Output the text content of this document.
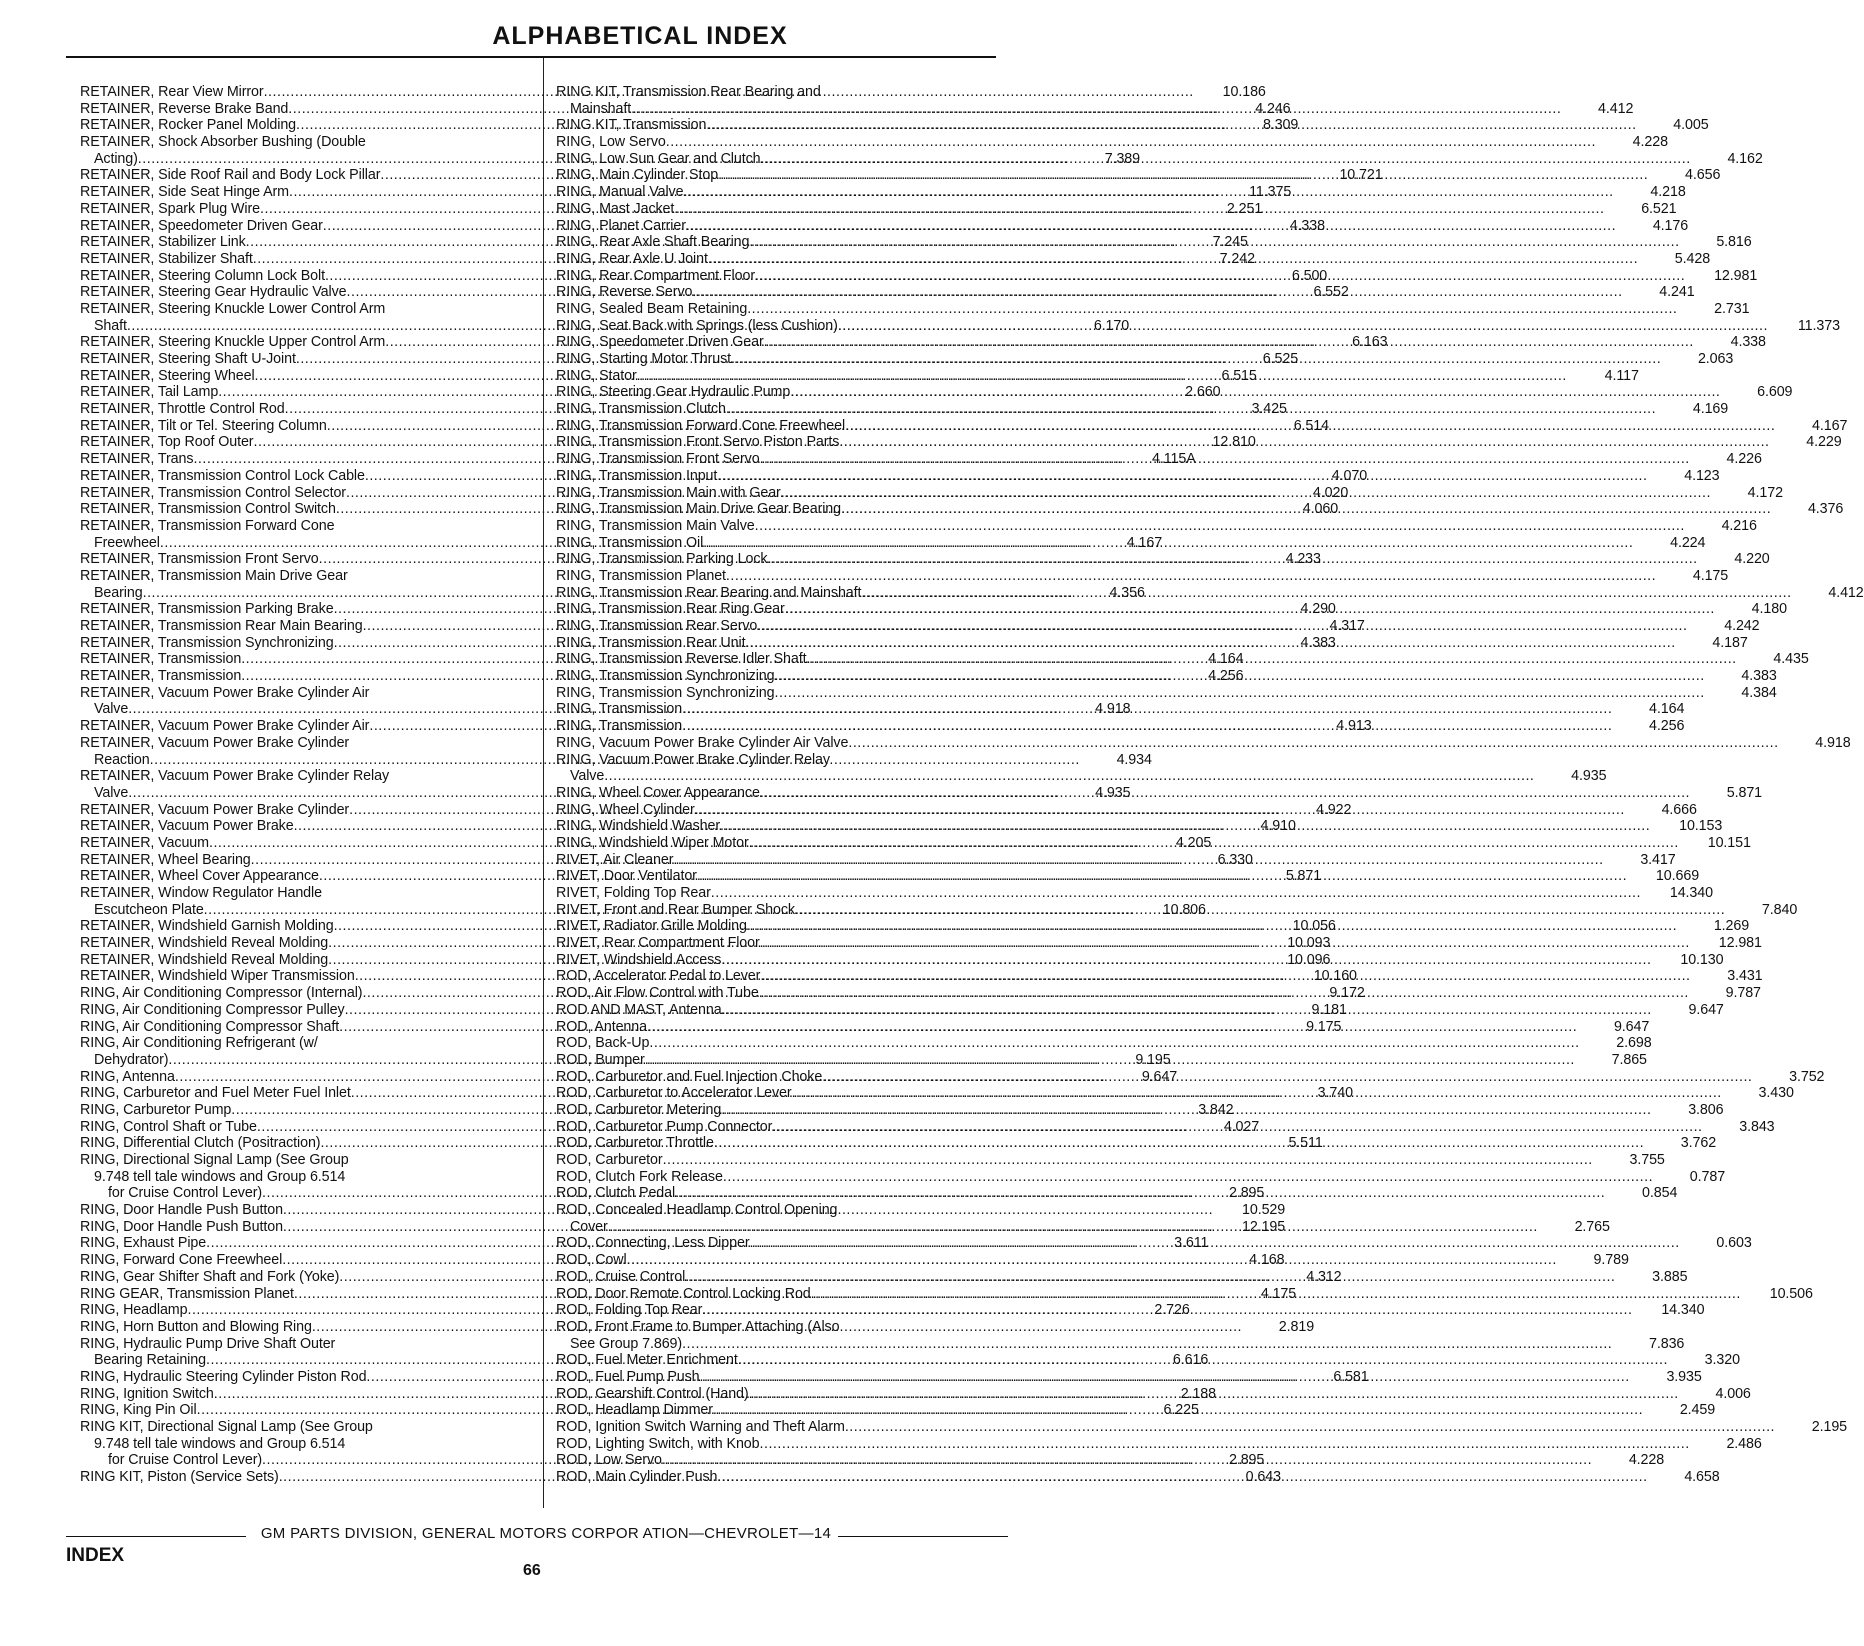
ALPHABETICAL INDEX
RETAINER, Rear View Mirror .....	10.186
RETAINER, Reverse Brake Band .....	4.246
RETAINER, Rocker Panel Molding .....	8.309
RETAINER, Shock Absorber Bushing (Double
Acting) .....	7.389
RETAINER, Side Roof Rail and Body Lock Pillar .....	10.721
RETAINER, Side Seat Hinge Arm .....	11.375
RETAINER, Spark Plug Wire .....	2.251
RETAINER, Speedometer Driven Gear .....	4.338
RETAINER, Stabilizer Link .....	7.245
RETAINER, Stabilizer Shaft .....	7.242
RETAINER, Steering Column Lock Bolt .....	6.500
RETAINER, Steering Gear Hydraulic Valve .....	6.552
RETAINER, Steering Knuckle Lower Control Arm
Shaft .....	6.170
RETAINER, Steering Knuckle Upper Control Arm .....	6.163
RETAINER, Steering Shaft U-Joint .....	6.525
RETAINER, Steering Wheel .....	6.515
RETAINER, Tail Lamp .....	2.660
RETAINER, Throttle Control Rod .....	3.425
RETAINER, Tilt or Tel. Steering Column .....	6.514
RETAINER, Top Roof Outer .....	12.810
RETAINER, Trans .....	4.115A
RETAINER, Transmission Control Lock Cable .....	4.070
RETAINER, Transmission Control Selector .....	4.020
RETAINER, Transmission Control Switch .....	4.060
RETAINER, Transmission Forward Cone
Freewheel .....	4.167
RETAINER, Transmission Front Servo .....	4.233
RETAINER, Transmission Main Drive Gear
Bearing .....	4.356
RETAINER, Transmission Parking Brake .....	4.290
RETAINER, Transmission Rear Main Bearing .....	4.317
RETAINER, Transmission Synchronizing .....	4.383
RETAINER, Transmission .....	4.164
RETAINER, Transmission .....	4.256
RETAINER, Vacuum Power Brake Cylinder Air
Valve .....	4.918
RETAINER, Vacuum Power Brake Cylinder Air .....	4.913
RETAINER, Vacuum Power Brake Cylinder
Reaction .....	4.934
RETAINER, Vacuum Power Brake Cylinder Relay
Valve .....	4.935
RETAINER, Vacuum Power Brake Cylinder .....	4.922
RETAINER, Vacuum Power Brake .....	4.910
RETAINER, Vacuum .....	4.205
RETAINER, Wheel Bearing .....	6.330
RETAINER, Wheel Cover Appearance .....	5.871
RETAINER, Window Regulator Handle
Escutcheon Plate .....	10.806
RETAINER, Windshield Garnish Molding .....	10.056
RETAINER, Windshield Reveal Molding .....	10.093
RETAINER, Windshield Reveal Molding .....	10.096
RETAINER, Windshield Wiper Transmission .....	10.160
RING, Air Conditioning Compressor (Internal) .....	9.172
RING, Air Conditioning Compressor Pulley .....	9.181
RING, Air Conditioning Compressor Shaft .....	9.175
RING, Air Conditioning Refrigerant (w/
Dehydrator) .....	9.195
RING, Antenna .....	9.647
RING, Carburetor and Fuel Meter Fuel Inlet .....	3.740
RING, Carburetor Pump .....	3.842
RING, Control Shaft or Tube .....	4.027
RING, Differential Clutch (Positraction) .....	5.511
RING, Directional Signal Lamp (See Group
9.748 tell tale windows and Group 6.514
for Cruise Control Lever) .....	2.895
RING, Door Handle Push Button .....	10.529
RING, Door Handle Push Button .....	12.195
RING, Exhaust Pipe .....	3.611
RING, Forward Cone Freewheel .....	4.168
RING, Gear Shifter Shaft and Fork (Yoke) .....	4.312
RING GEAR, Transmission Planet .....	4.175
RING, Headlamp .....	2.726
RING, Horn Button and Blowing Ring .....	2.819
RING, Hydraulic Pump Drive Shaft Outer
Bearing Retaining .....	6.616
RING, Hydraulic Steering Cylinder Piston Rod .....	6.581
RING, Ignition Switch .....	2.188
RING, King Pin Oil .....	6.225
RING KIT, Directional Signal Lamp (See Group
9.748 tell tale windows and Group 6.514
for Cruise Control Lever) .....	2.895
RING KIT, Piston (Service Sets) .....	0.643
RING KIT, Transmission Rear Bearing and
Mainshaft .....	4.412
RING KIT, Transmission .....	4.005
RING, Low Servo .....	4.228
RING, Low Sun Gear and Clutch .....	4.162
RING, Main Cylinder Stop .....	4.656
RING, Manual Valve .....	4.218
RING, Mast Jacket .....	6.521
RING, Planet Carrier .....	4.176
RING, Rear Axle Shaft Bearing .....	5.816
RING, Rear Axle U Joint .....	5.428
RING, Rear Compartment Floor .....	12.981
RING, Reverse Servo .....	4.241
RING, Sealed Beam Retaining .....	2.731
RING, Seat Back with Springs (less Cushion) .....	11.373
RING, Speedometer Driven Gear .....	4.338
RING, Starting Motor Thrust .....	2.063
RING, Stator .....	4.117
RING, Steering Gear Hydraulic Pump .....	6.609
RING, Transmission Clutch .....	4.169
RING, Transmission Forward Cone Freewheel .....	4.167
RING, Transmission Front Servo Piston Parts .....	4.229
RING, Transmission Front Servo .....	4.226
RING, Transmission Input .....	4.123
RING, Transmission Main with Gear .....	4.172
RING, Transmission Main Drive Gear Bearing .....	4.376
RING, Transmission Main Valve .....	4.216
RING, Transmission Oil .....	4.224
RING, Transmission Parking Lock .....	4.220
RING, Transmission Planet .....	4.175
RING, Transmission Rear Bearing and Mainshaft .....	4.412
RING, Transmission Rear Ring Gear .....	4.180
RING, Transmission Rear Servo .....	4.242
RING, Transmission Rear Unit .....	4.187
RING, Transmission Reverse Idler Shaft .....	4.435
RING, Transmission Synchronizing .....	4.383
RING, Transmission Synchronizing .....	4.384
RING, Transmission .....	4.164
RING, Transmission .....	4.256
RING, Vacuum Power Brake Cylinder Air Valve .....	4.918
RING, Vacuum Power Brake Cylinder Relay
Valve .....	4.935
RING, Wheel Cover Appearance .....	5.871
RING, Wheel Cylinder .....	4.666
RING, Windshield Washer .....	10.153
RING, Windshield Wiper Motor .....	10.151
RIVET, Air Cleaner .....	3.417
RIVET, Door Ventilator .....	10.669
RIVET, Folding Top Rear .....	14.340
RIVET, Front and Rear Bumper Shock .....	7.840
RIVET, Radiator Grille Molding .....	1.269
RIVET, Rear Compartment Floor .....	12.981
RIVET, Windshield Access .....	10.130
ROD, Accelerator Pedal to Lever .....	3.431
ROD, Air Flow Control with Tube .....	9.787
ROD AND MAST, Antenna .....	9.647
ROD, Antenna .....	9.647
ROD, Back-Up .....	2.698
ROD, Bumper .....	7.865
ROD, Carburetor and Fuel Injection Choke .....	3.752
ROD, Carburetor to Accelerator Lever .....	3.430
ROD, Carburetor Metering .....	3.806
ROD, Carburetor Pump Connector .....	3.843
ROD, Carburetor Throttle .....	3.762
ROD, Carburetor .....	3.755
ROD, Clutch Fork Release .....	0.787
ROD, Clutch Pedal .....	0.854
ROD, Concealed Headlamp Control Opening
Cover .....	2.765
ROD, Connecting, Less Dipper .....	0.603
ROD, Cowl .....	9.789
ROD, Cruise Control .....	3.885
ROD, Door Remote Control Locking Rod .....	10.506
ROD, Folding Top Rear .....	14.340
ROD, Front Frame to Bumper Attaching (Also
See Group 7.869) .....	7.836
ROD, Fuel Meter Enrichment .....	3.320
ROD, Fuel Pump Push .....	3.935
ROD, Gearshift Control (Hand) .....	4.006
ROD, Headlamp Dimmer .....	2.459
ROD, Ignition Switch Warning and Theft Alarm .....	2.195
ROD, Lighting Switch, with Knob .....	2.486
ROD, Low Servo .....	4.228
ROD, Main Cylinder Push .....	4.658
GM PARTS DIVISION, GENERAL MOTORS CORPOR ATION—CHEVROLET—14
INDEX
66
